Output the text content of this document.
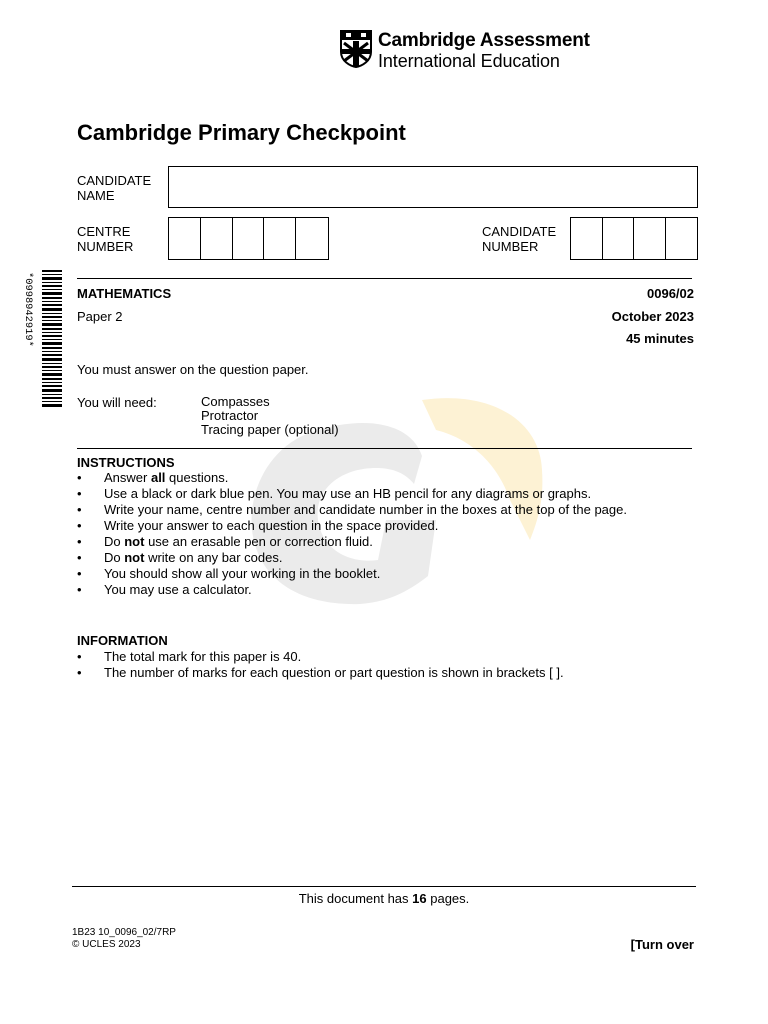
Cambridge Assessment
International Education
Cambridge Primary Checkpoint
CANDIDATE
NAME
CENTRE
NUMBER
CANDIDATE
NUMBER
*0998942919*	MATHEMATICS	0096/02
Paper 2	October 2023
45 minutes
You must answer on the question paper.
You will need:	Compasses
Protractor
Tracing paper (optional)
INSTRUCTIONS
• Answer all questions.
• Use a black or dark blue pen. You may use an HB pencil for any diagrams or graphs.
• Write your name, centre number and candidate number in the boxes at the top of the page.
• Write your answer to each question in the space provided.
• Do not use an erasable pen or correction fluid.
• Do not write on any bar codes.
• You should show all your working in the booklet.
• You may use a calculator.
INFORMATION
• The total mark for this paper is 40.
• The number of marks for each question or part question is shown in brackets [ ].
This document has 16 pages.
1B23 10_0096_02/7RP
© UCLES 2023	[Turn over
